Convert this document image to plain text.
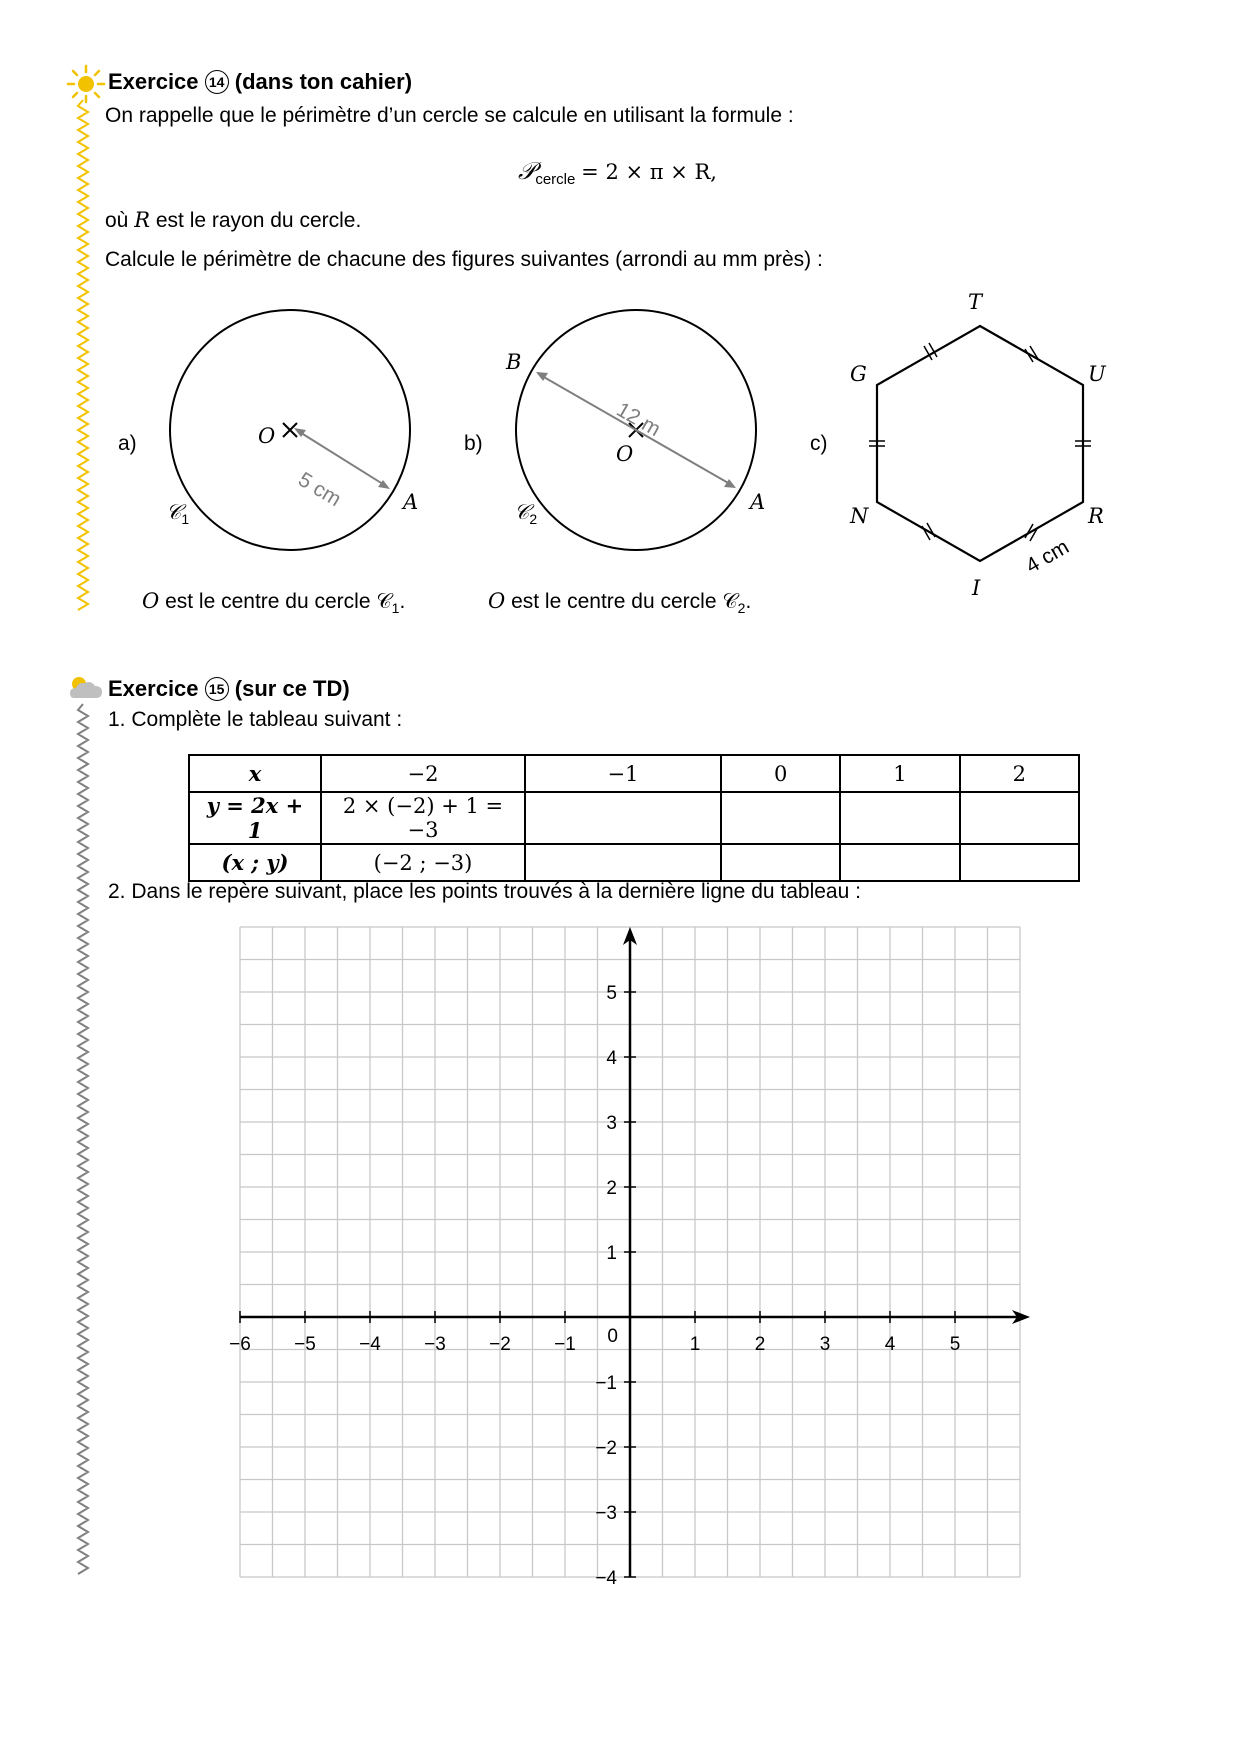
Exercice 14 (dans ton cahier)
On rappelle que le périmètre d’un cercle se calcule en utilisant la formule :
𝒫$_{cercle}$ = 2 × π × R,
où R est le rayon du cercle.
Calcule le périmètre de chacune des figures suivantes (arrondi au mm près) :
a)	O
A
5 cm
𝒞$_1$
O est le centre du cercle 𝒞$_1$.
b)
B
O
A
12 m
𝒞$_2$
O est le centre du cercle 𝒞$_2$.
c)
T
U
R
I
N
G
4 cm
Exercice 15 (sur ce TD)
1. Complète le tableau suivant :
x	−2	−1	0	1	2
y = 2x + 1	2 × (−2) + 1 = −3				
(x ; y)	(−2 ; −3)				
2. Dans le repère suivant, place les points trouvés à la dernière ligne du tableau :
−6 −5 −4 −3 −2 −1	1	2	3	4	5
5
4
3
2
1
−1
−2
−3
−4
0
